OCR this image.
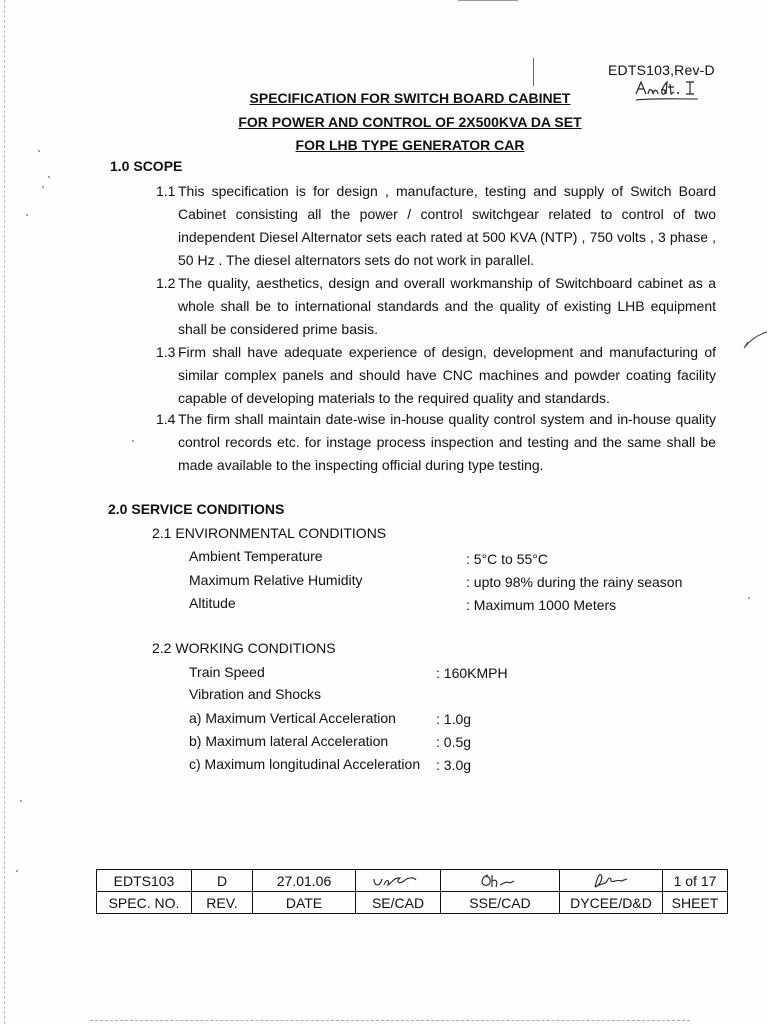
EDTS103,Rev-D
SPECIFICATION FOR SWITCH BOARD CABINET
FOR POWER AND CONTROL OF 2X500KVA DA SET
FOR LHB TYPE GENERATOR CAR
1.0 SCOPE
1.1 This specification is for design , manufacture, testing and supply of Switch Board Cabinet consisting all the power / control switchgear related to control of two independent Diesel Alternator sets each rated at 500 KVA (NTP) , 750 volts , 3 phase , 50 Hz . The diesel alternators sets do not work in parallel.
1.2 The quality, aesthetics, design and overall workmanship of Switchboard cabinet as a whole shall be to international standards and the quality of existing LHB equipment shall be considered prime basis.
1.3 Firm shall have adequate experience of design, development and manufacturing of similar complex panels and should have CNC machines and powder coating facility capable of developing materials to the required quality and standards.
1.4 The firm shall maintain date-wise in-house quality control system and in-house quality control records etc. for instage process inspection and testing and the same shall be made available to the inspecting official during type testing.
2.0 SERVICE CONDITIONS
2.1 ENVIRONMENTAL CONDITIONS
Ambient Temperature	: 5°C to 55°C
Maximum Relative Humidity	: upto 98% during the rainy season
Altitude	: Maximum 1000 Meters
2.2 WORKING CONDITIONS
Train Speed	: 160KMPH
Vibration and Shocks
a) Maximum Vertical Acceleration	: 1.0g
b) Maximum lateral Acceleration	: 0.5g
c) Maximum longitudinal Acceleration : 3.0g
EDTS103	D	27.01.06				1 of 17
SPEC. NO.	REV.	DATE	SE/CAD	SSE/CAD	DYCEE/D&D	SHEET
